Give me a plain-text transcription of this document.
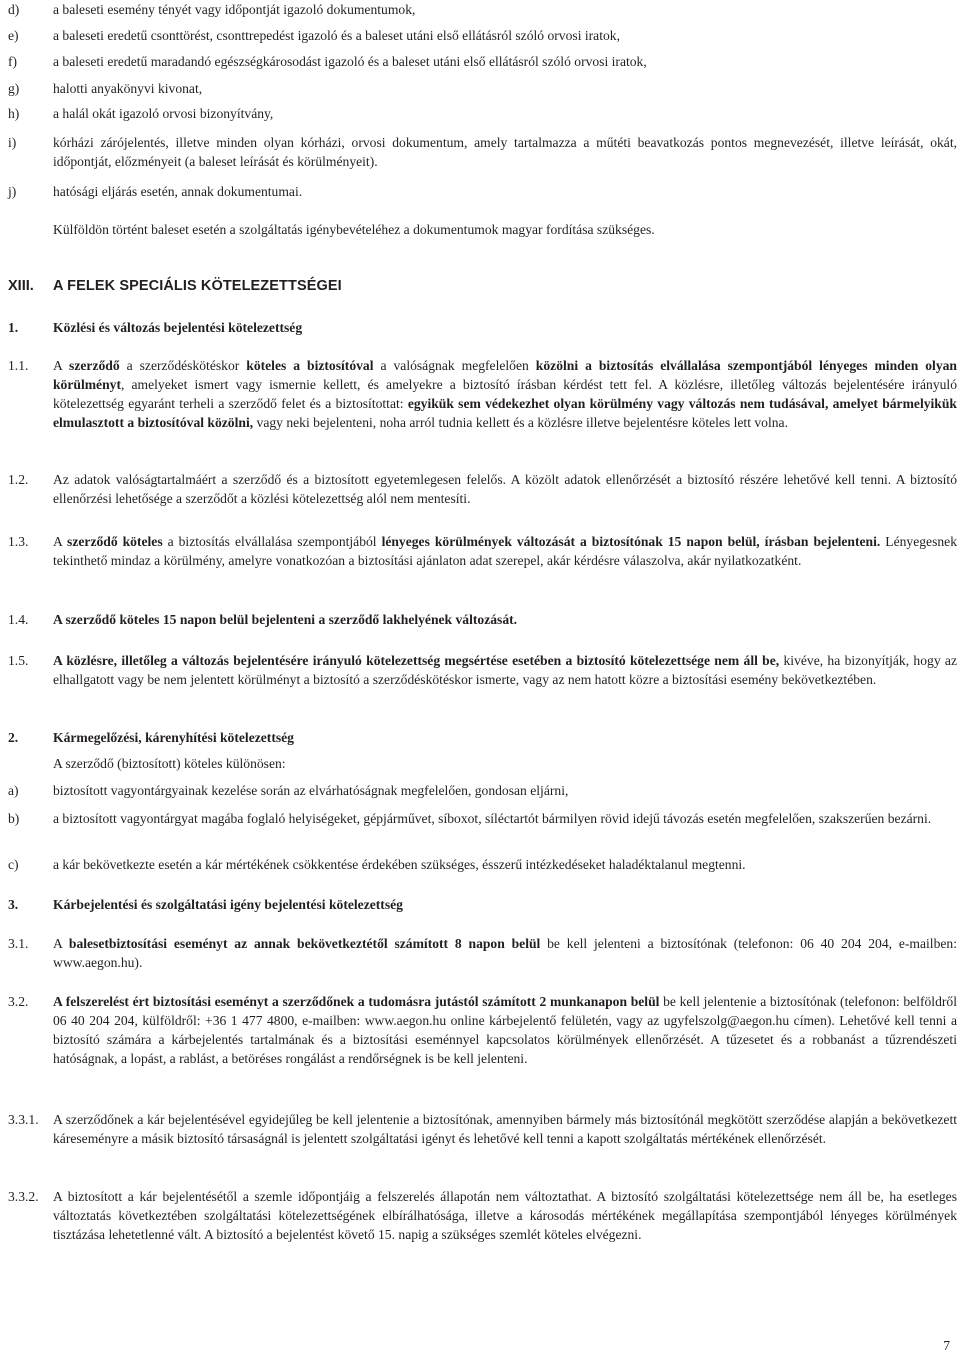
d) a baleseti esemény tényét vagy időpontját igazoló dokumentumok,
e)	a baleseti eredetű csonttörést, csonttrepedést igazoló és a baleset utáni első ellátásról szóló orvosi iratok,
f)	a baleseti eredetű maradandó egészségkárosodást igazoló és a baleset utáni első ellátásról szóló orvosi iratok,
g) halotti anyakönyvi kivonat,
h) a halál okát igazoló orvosi bizonyítvány,
i)	kórházi zárójelentés, illetve minden olyan kórházi, orvosi dokumentum, amely tartalmazza a műtéti beavatkozás pontos megnevezését, illetve leírását, okát, időpontját, előzményeit (a baleset leírását és körülményeit).
j)	hatósági eljárás esetén, annak dokumentumai.
Külföldön történt baleset esetén a szolgáltatás igénybevételéhez a dokumentumok magyar fordítása szükséges.
XIII. A FELEK SPECIÁLIS KÖTELEZETTSÉGEI
1.	Közlési és változás bejelentési kötelezettség
1.1. A szerződő a szerződéskötéskor köteles a biztosítóval a valóságnak megfelelően közölni a biztosítás elvállalása szempontjából lényeges minden olyan körülményt, amelyeket ismert vagy ismernie kellett, és amelyekre a biztosító írásban kérdést tett fel. A közlésre, illetőleg változás bejelentésére irányuló kötelezettség egyaránt terheli a szerződő felet és a biztosítottat: egyikük sem védekezhet olyan körülmény vagy változás nem tudásával, amelyet bármelyikük elmulasztott a biztosítóval közölni, vagy neki bejelenteni, noha arról tudnia kellett és a közlésre illetve bejelentésre köteles lett volna.
1.2. Az adatok valóságtartalmáért a szerződő és a biztosított egyetemlegesen felelős. A közölt adatok ellenőrzését a biztosító részére lehetővé kell tenni. A biztosító ellenőrzési lehetősége a szerződőt a közlési kötelezettség alól nem mentesíti.
1.3. A szerződő köteles a biztosítás elvállalása szempontjából lényeges körülmények változását a biztosítónak 15 napon belül, írásban bejelenteni. Lényegesnek tekinthető mindaz a körülmény, amelyre vonatkozóan a biztosítási ajánlaton adat szerepel, akár kérdésre válaszolva, akár nyilatkozatként.
1.4. A szerződő köteles 15 napon belül bejelenteni a szerződő lakhelyének változását.
1.5. A közlésre, illetőleg a változás bejelentésére irányuló kötelezettség megsértése esetében a biztosító kötelezettsége nem áll be, kivéve, ha bizonyítják, hogy az elhallgatott vagy be nem jelentett körülményt a biztosító a szerződéskötéskor ismerte, vagy az nem hatott közre a biztosítási esemény bekövetkeztében.
2.	Kármegelőzési, kárenyhítési kötelezettség
A szerződő (biztosított) köteles különösen:
a)	biztosított vagyontárgyainak kezelése során az elvárhatóságnak megfelelően, gondosan eljárni,
b) a biztosított vagyontárgyat magába foglaló helyiségeket, gépjárművet, síboxot, síléctartót bármilyen rövid idejű távozás esetén megfelelően, szakszerűen bezárni.
c)	a kár bekövetkezte esetén a kár mértékének csökkentése érdekében szükséges, ésszerű intézkedéseket haladéktalanul megtenni.
3.	Kárbejelentési és szolgáltatási igény bejelentési kötelezettség
3.1. A balesetbiztosítási eseményt az annak bekövetkeztétől számított 8 napon belül be kell jelenteni a biztosítónak (telefonon: 06 40 204 204, e-mailben: www.aegon.hu).
3.2. A felszerelést ért biztosítási eseményt a szerződőnek a tudomásra jutástól számított 2 munkanapon belül be kell jelentenie a biztosítónak (telefonon: belföldről 06 40 204 204, külföldről: +36 1 477 4800, e-mailben: www.aegon.hu online kárbejelentő felületén, vagy az ugyfelszolg@aegon.hu címen). Lehetővé kell tenni a biztosító számára a kárbejelentés tartalmának és a biztosítási eseménnyel kapcsolatos körülmények ellenőrzését. A tűzesetet és a robbanást a tűzrendészeti hatóságnak, a lopást, a rablást, a betöréses rongálást a rendőrségnek is be kell jelenteni.
3.3.1. A szerződőnek a kár bejelentésével egyidejűleg be kell jelentenie a biztosítónak, amennyiben bármely más biztosítónál megkötött szerződése alapján a bekövetkezett káreseményre a másik biztosító társaságnál is jelentett szolgáltatási igényt és lehetővé kell tenni a kapott szolgáltatás mértékének ellenőrzését.
3.3.2. A biztosított a kár bejelentésétől a szemle időpontjáig a felszerelés állapotán nem változtathat. A biztosító szolgáltatási kötelezettsége nem áll be, ha esetleges változtatás következtében szolgáltatási kötelezettségének elbírálhatósága, illetve a károsodás mértékének megállapítása szempontjából lényeges körülmények tisztázása lehetetlenné vált. A biztosító a bejelentést követő 15. napig a szükséges szemlét köteles elvégezni.
7
